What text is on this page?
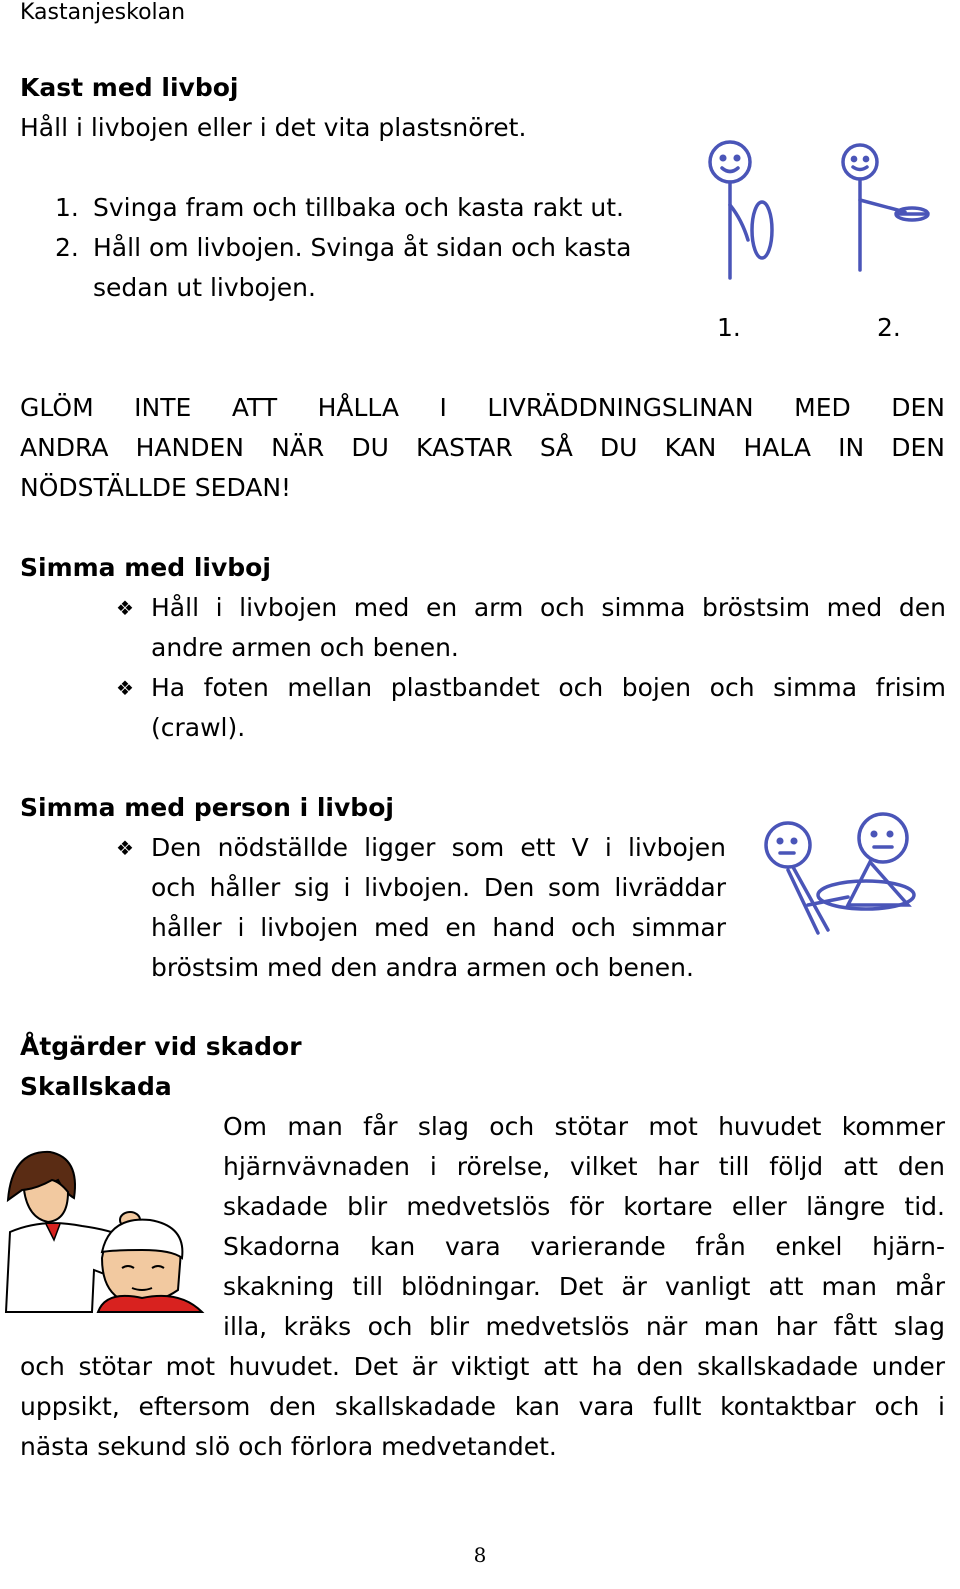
Kastanjeskolan
Kast med livboj
Håll i livbojen eller i det vita plastsnöret.
1. Svinga fram och tillbaka och kasta rakt ut.
2. Håll om livbojen. Svinga åt sidan och kasta
sedan ut livbojen.
1.	2.
GLÖM INTE ATT HÅLLA I LIVRÄDDNINGSLINAN MED DEN
ANDRA HANDEN NÄR DU KASTAR SÅ DU KAN HALA IN DEN
NÖDSTÄLLDE SEDAN!
Simma med livboj
❖ Håll i livbojen med en arm och simma bröstsim med den
andre armen och benen.
❖ Ha foten mellan plastbandet och bojen och simma frisim
(crawl).
Simma med person i livboj
❖ Den nödställde ligger som ett V i livbojen
och håller sig i livbojen. Den som livräddar
håller i livbojen med en hand och simmar
bröstsim med den andra armen och benen.
Åtgärder vid skador
Skallskada
Om man får slag och stötar mot huvudet kommer
hjärnvävnaden i rörelse, vilket har till följd att den
skadade blir medvetslös för kortare eller längre tid.
Skadorna kan vara varierande från enkel hjärn-
skakning till blödningar. Det är vanligt att man mår
illa, kräks och blir medvetslös när man har fått slag
och stötar mot huvudet. Det är viktigt att ha den skallskadade under
uppsikt, eftersom den skallskadade kan vara fullt kontaktbar och i
nästa sekund slö och förlora medvetandet.
8
